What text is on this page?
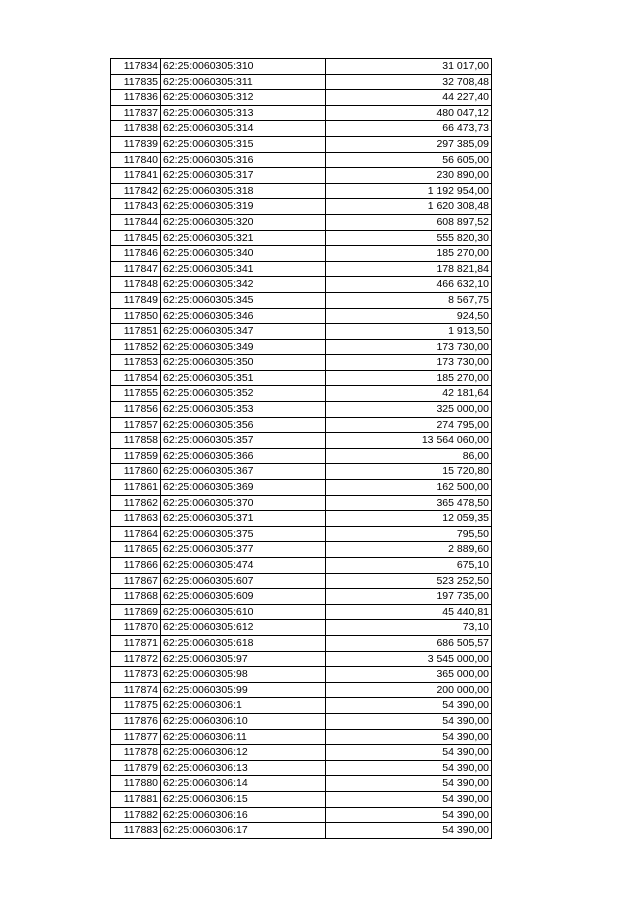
117834	62:25:0060305:310	31 017,00
117835	62:25:0060305:311	32 708,48
117836	62:25:0060305:312	44 227,40
117837	62:25:0060305:313	480 047,12
117838	62:25:0060305:314	66 473,73
117839	62:25:0060305:315	297 385,09
117840	62:25:0060305:316	56 605,00
117841	62:25:0060305:317	230 890,00
117842	62:25:0060305:318	1 192 954,00
117843	62:25:0060305:319	1 620 308,48
117844	62:25:0060305:320	608 897,52
117845	62:25:0060305:321	555 820,30
117846	62:25:0060305:340	185 270,00
117847	62:25:0060305:341	178 821,84
117848	62:25:0060305:342	466 632,10
117849	62:25:0060305:345	8 567,75
117850	62:25:0060305:346	924,50
117851	62:25:0060305:347	1 913,50
117852	62:25:0060305:349	173 730,00
117853	62:25:0060305:350	173 730,00
117854	62:25:0060305:351	185 270,00
117855	62:25:0060305:352	42 181,64
117856	62:25:0060305:353	325 000,00
117857	62:25:0060305:356	274 795,00
117858	62:25:0060305:357	13 564 060,00
117859	62:25:0060305:366	86,00
117860	62:25:0060305:367	15 720,80
117861	62:25:0060305:369	162 500,00
117862	62:25:0060305:370	365 478,50
117863	62:25:0060305:371	12 059,35
117864	62:25:0060305:375	795,50
117865	62:25:0060305:377	2 889,60
117866	62:25:0060305:474	675,10
117867	62:25:0060305:607	523 252,50
117868	62:25:0060305:609	197 735,00
117869	62:25:0060305:610	45 440,81
117870	62:25:0060305:612	73,10
117871	62:25:0060305:618	686 505,57
117872	62:25:0060305:97	3 545 000,00
117873	62:25:0060305:98	365 000,00
117874	62:25:0060305:99	200 000,00
117875	62:25:0060306:1	54 390,00
117876	62:25:0060306:10	54 390,00
117877	62:25:0060306:11	54 390,00
117878	62:25:0060306:12	54 390,00
117879	62:25:0060306:13	54 390,00
117880	62:25:0060306:14	54 390,00
117881	62:25:0060306:15	54 390,00
117882	62:25:0060306:16	54 390,00
117883	62:25:0060306:17	54 390,00
